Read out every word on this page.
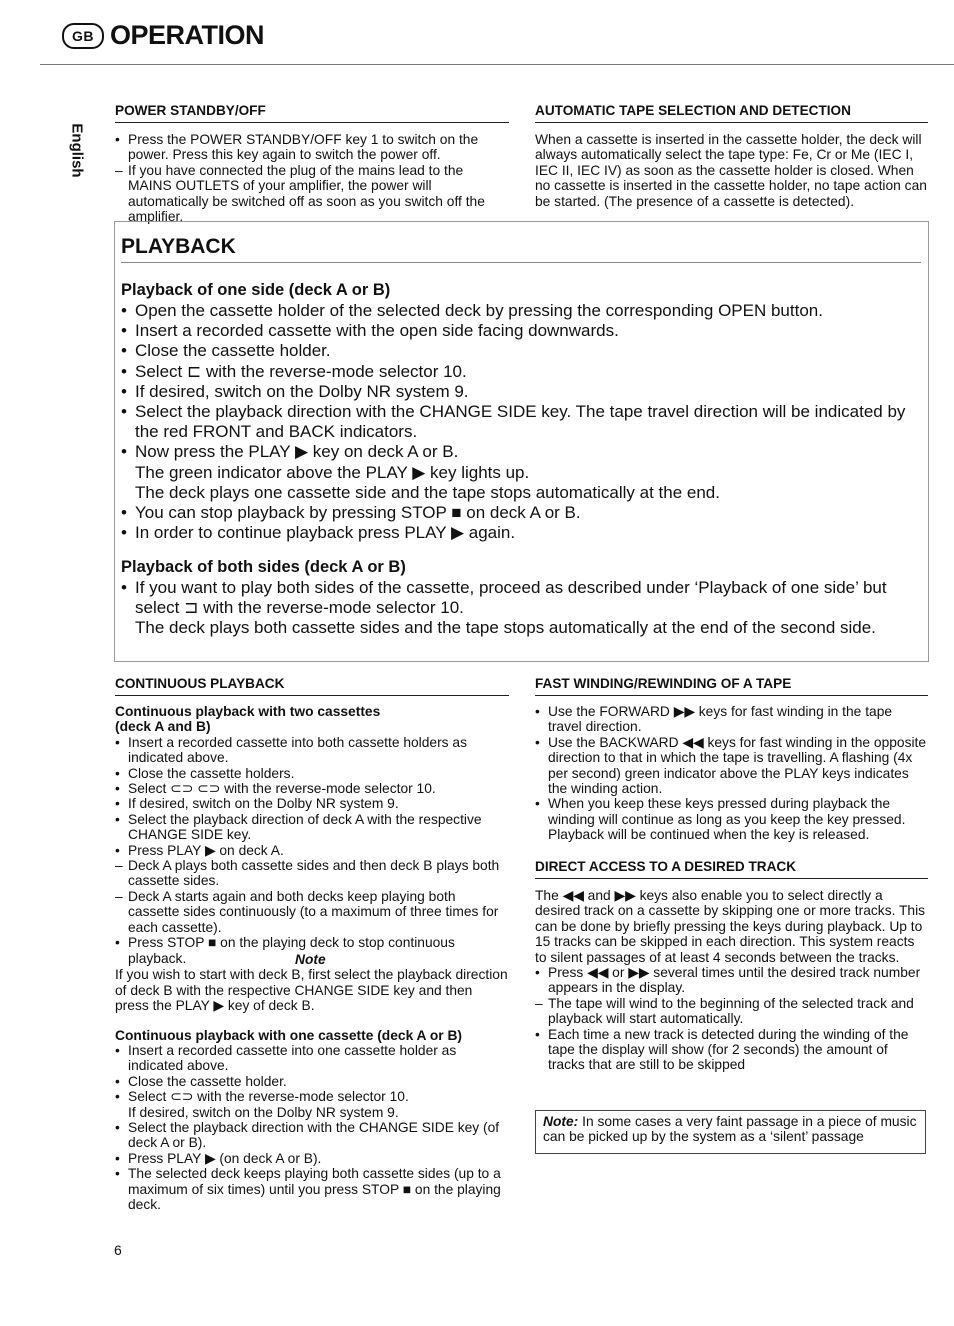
GB OPERATION
English
POWER STANDBY/OFF
• Press the POWER STANDBY/OFF key 1 to switch on the power. Press this key again to switch the power off.
– If you have connected the plug of the mains lead to the MAINS OUTLETS of your amplifier, the power will automatically be switched off as soon as you switch off the amplifier.
AUTOMATIC TAPE SELECTION AND DETECTION
When a cassette is inserted in the cassette holder, the deck will always automatically select the tape type: Fe, Cr or Me (IEC I, IEC II, IEC IV) as soon as the cassette holder is closed. When no cassette is inserted in the cassette holder, no tape action can be started. (The presence of a cassette is detected).
PLAYBACK
Playback of one side (deck A or B)
• Open the cassette holder of the selected deck by pressing the corresponding OPEN button.
• Insert a recorded cassette with the open side facing downwards.
• Close the cassette holder.
• Select ⊏ with the reverse-mode selector 10.
• If desired, switch on the Dolby NR system 9.
• Select the playback direction with the CHANGE SIDE key. The tape travel direction will be indicated by the red FRONT and BACK indicators.
• Now press the PLAY ▶ key on deck A or B.

The green indicator above the PLAY ▶ key lights up.

The deck plays one cassette side and the tape stops automatically at the end.

• You can stop playback by pressing STOP ■ on deck A or B.
• In order to continue playback press PLAY ▶ again.
Playback of both sides (deck A or B)
• If you want to play both sides of the cassette, proceed as described under ‘Playback of one side’ but select ⊐ with the reverse-mode selector 10.

The deck plays both cassette sides and the tape stops automatically at the end of the second side.

CONTINUOUS PLAYBACK

Continuous playback with two cassettes

(deck A and B)

• Insert a recorded cassette into both cassette holders as indicated above.
• Close the cassette holders.
• Select ⊂⊃ ⊂⊃ with the reverse-mode selector 10.
• If desired, switch on the Dolby NR system 9.
• Select the playback direction of deck A with the respective CHANGE SIDE key.
• Press PLAY ▶ on deck A.
– Deck A plays both cassette sides and then deck B plays both cassette sides.
– Deck A starts again and both decks keep playing both cassette sides continuously (to a maximum of three times for each cassette).
• Press STOP ■ on the playing deck to stop continuous playback.	Note

If you wish to start with deck B, first select the playback direction of deck B with the respective CHANGE SIDE key and then press the PLAY ▶ key of deck B.

Continuous playback with one cassette (deck A or B)

• Insert a recorded cassette into one cassette holder as indicated above.
• Close the cassette holder.
• Select ⊂⊃ with the reverse-mode selector 10.
If desired, switch on the Dolby NR system 9.
• Select the playback direction with the CHANGE SIDE key (of deck A or B).
• Press PLAY ▶ (on deck A or B).
• The selected deck keeps playing both cassette sides (up to a maximum of six times) until you press STOP ■ on the playing deck.
FAST WINDING/REWINDING OF A TAPE
• Use the FORWARD ▶▶ keys for fast winding in the tape travel direction.
• Use the BACKWARD ◀◀ keys for fast winding in the opposite direction to that in which the tape is travelling. A flashing (4x per second) green indicator above the PLAY keys indicates the winding action.
• When you keep these keys pressed during playback the winding will continue as long as you keep the key pressed. Playback will be continued when the key is released.
DIRECT ACCESS TO A DESIRED TRACK

The ◀◀ and ▶▶ keys also enable you to select directly a desired track on a cassette by skipping one or more tracks. This can be done by briefly pressing the keys during playback. Up to 15 tracks can be skipped in each direction. This system reacts to silent passages of at least 4 seconds between the tracks.

• Press ◀◀ or ▶▶ several times until the desired track number appears in the display.
– The tape will wind to the beginning of the selected track and playback will start automatically.
• Each time a new track is detected during the winding of the tape the display will show (for 2 seconds) the amount of tracks that are still to be skipped
Note: In some cases a very faint passage in a piece of music can be picked up by the system as a ‘silent’ passage
6
